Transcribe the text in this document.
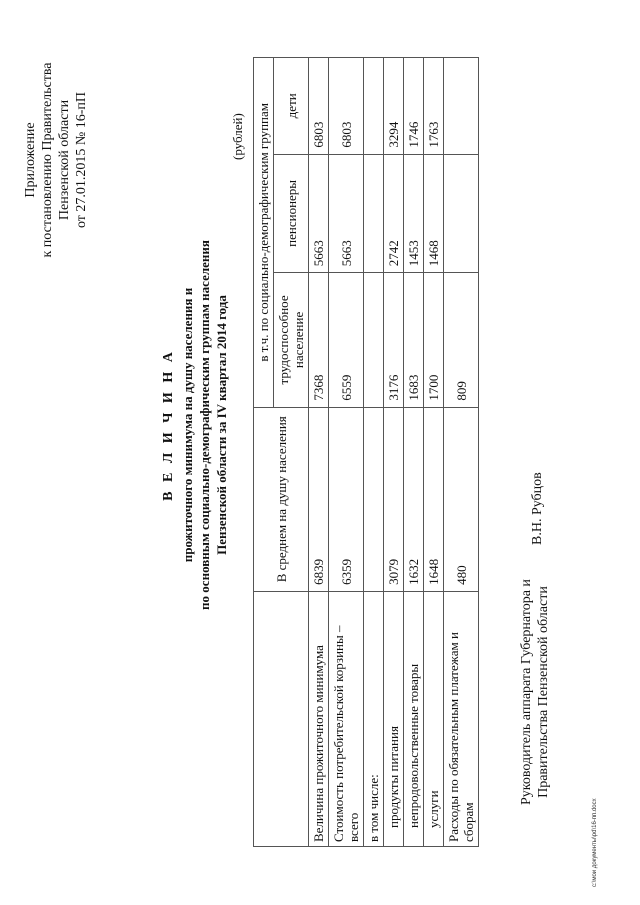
Приложение к постановлению Правительства Пензенской области от 27.01.2015 № 16-пП
В Е Л И Ч И Н А прожиточного минимума на душу населения и по основным социально-демографическим группам населения Пензенской области за IV квартал 2014 года
(рублей)
	В среднем на душу населения	в т.ч. по социально-демографическим группам		
		трудоспособное население	пенсионеры	дети
Величина прожиточного минимума	6839	7368	5663	6803
Стоимость потребительской корзины – всего	6359	6559	5663	6803
в том числе:				
продукты питания	3079	3176	2742	3294
непродовольственные товары	1632	1683	1453	1746
услуги	1648	1700	1468	1763
Расходы по обязательным платежам и сборам	480	809		
Руководитель аппарата Губернатора и Правительства Пензенской области
В.Н. Рубцов
с:\мои документы\рd\16-пп.docx
